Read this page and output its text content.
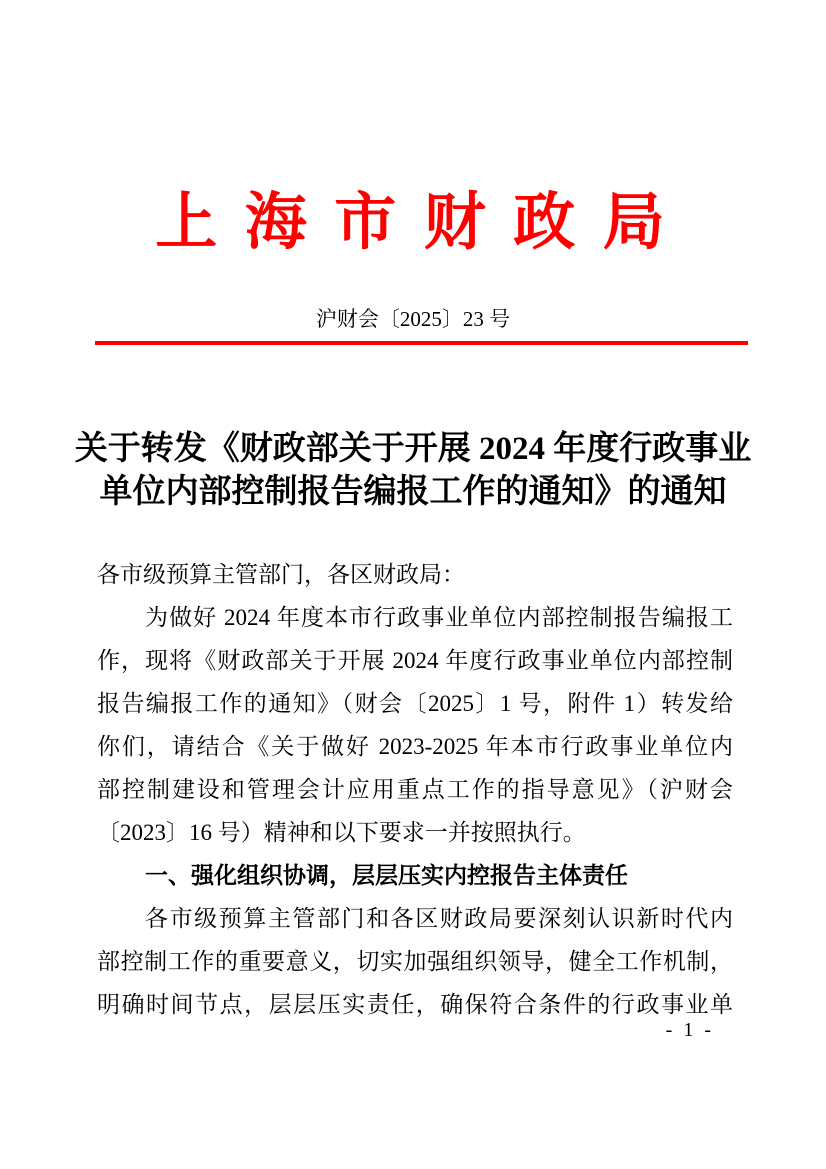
上 海 市 财 政 局
沪财会〔2025〕23 号
关于转发《财政部关于开展 2024 年度行政事业
单位内部控制报告编报工作的通知》的通知
各市级预算主管部门，各区财政局：
为做好 2024 年度本市行政事业单位内部控制报告编报工
作，现将《财政部关于开展 2024 年度行政事业单位内部控制
报告编报工作的通知》（财会〔2025〕1 号，附件 1）转发给
你们，请结合《关于做好 2023-2025 年本市行政事业单位内
部控制建设和管理会计应用重点工作的指导意见》（沪财会
〔2023〕16 号）精神和以下要求一并按照执行。
一、强化组织协调，层层压实内控报告主体责任
各市级预算主管部门和各区财政局要深刻认识新时代内
部控制工作的重要意义，切实加强组织领导，健全工作机制，
明确时间节点，层层压实责任，确保符合条件的行政事业单
- 1 -
